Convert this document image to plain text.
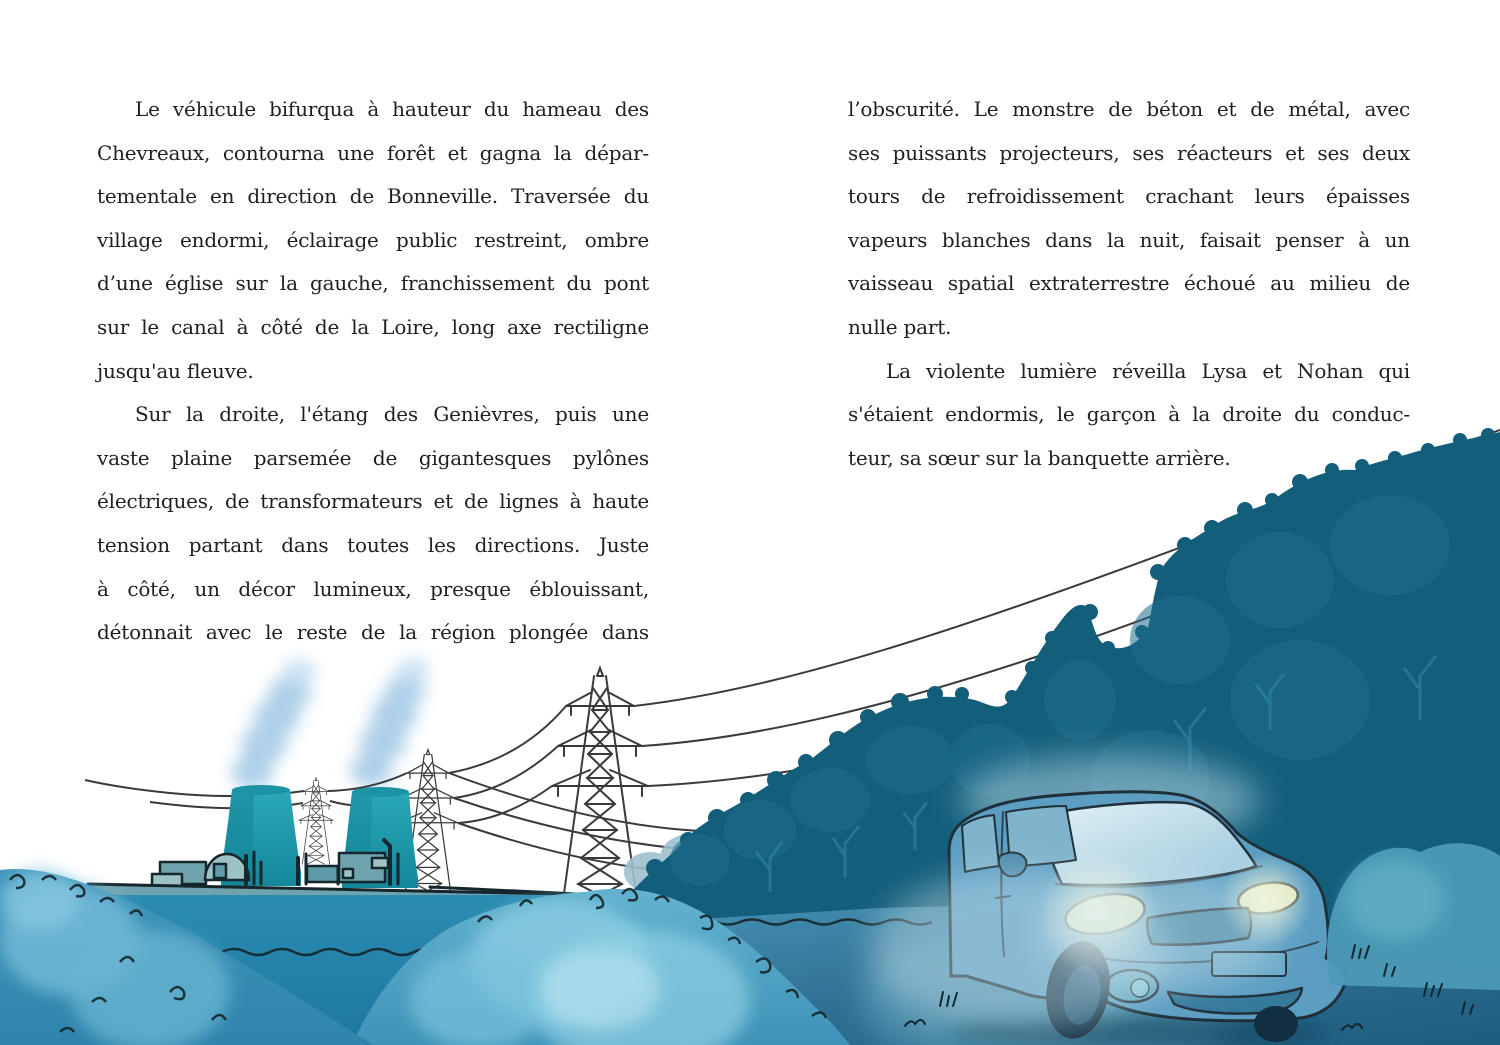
Le véhicule bifurqua à hauteur du hameau des
Chevreaux, contourna une forêt et gagna la dépar-
tementale en direction de Bonneville. Traversée du
village endormi, éclairage public restreint, ombre
d’une église sur la gauche, franchissement du pont
sur le canal à côté de la Loire, long axe rectiligne
jusqu'au fleuve.
Sur la droite, l'étang des Genièvres, puis une
vaste plaine parsemée de gigantesques pylônes
électriques, de transformateurs et de lignes à haute
tension partant dans toutes les directions. Juste
à côté, un décor lumineux, presque éblouissant,
détonnait avec le reste de la région plongée dans
l’obscurité. Le monstre de béton et de métal, avec
ses puissants projecteurs, ses réacteurs et ses deux
tours de refroidissement crachant leurs épaisses
vapeurs blanches dans la nuit, faisait penser à un
vaisseau spatial extraterrestre échoué au milieu de
nulle part.
La violente lumière réveilla Lysa et Nohan qui
s'étaient endormis, le garçon à la droite du conduc-
teur, sa sœur sur la banquette arrière.
